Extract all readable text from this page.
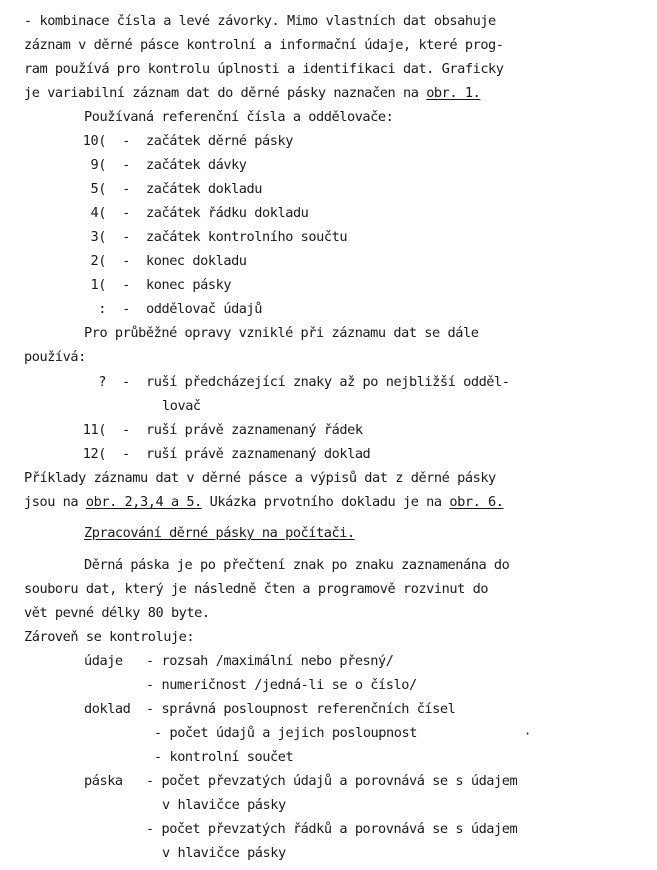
- kombinace čísla a levé závorky. Mimo vlastních dat obsahuje
záznam v děrné pásce kontrolní a informační údaje, které prog-
ram používá pro kontrolu úplnosti a identifikaci dat. Graficky
je variabilní záznam dat do děrné pásky naznačen na obr. 1.
Používaná referenční čísla a oddělovače:
10( - začátek děrné pásky
9( - začátek dávky
5( - začátek dokladu
4( - začátek řádku dokladu
3( - začátek kontrolního součtu
2( - konec dokladu
1( - konec pásky
: - oddělovač údajů
Pro průběžné opravy vzniklé při záznamu dat se dále
používá:
? - ruší předcházející znaky až po nejbližší odděl-
lovač
11( - ruší právě zaznamenaný řádek
12( - ruší právě zaznamenaný doklad
Příklady záznamu dat v děrné pásce a výpisů dat z děrné pásky
jsou na obr. 2,3,4 a 5. Ukázka prvotního dokladu je na obr. 6.
Zpracování děrné pásky na počítači.
Děrná páska je po přečtení znak po znaku zaznamenána do
souboru dat, který je následně čten a programově rozvinut do
vět pevné délky 80 byte.
Zároveň se kontroluje:
údaje - rozsah /maximální nebo přesný/
- numeričnost /jedná-li se o číslo/
doklad - správná posloupnost referenčních čísel
- počet údajů a jejich posloupnost
- kontrolní součet
páska - počet převzatých údajů a porovnává se s údajem
v hlavičce pásky
- počet převzatých řádků a porovnává se s údajem
v hlavičce pásky
·
